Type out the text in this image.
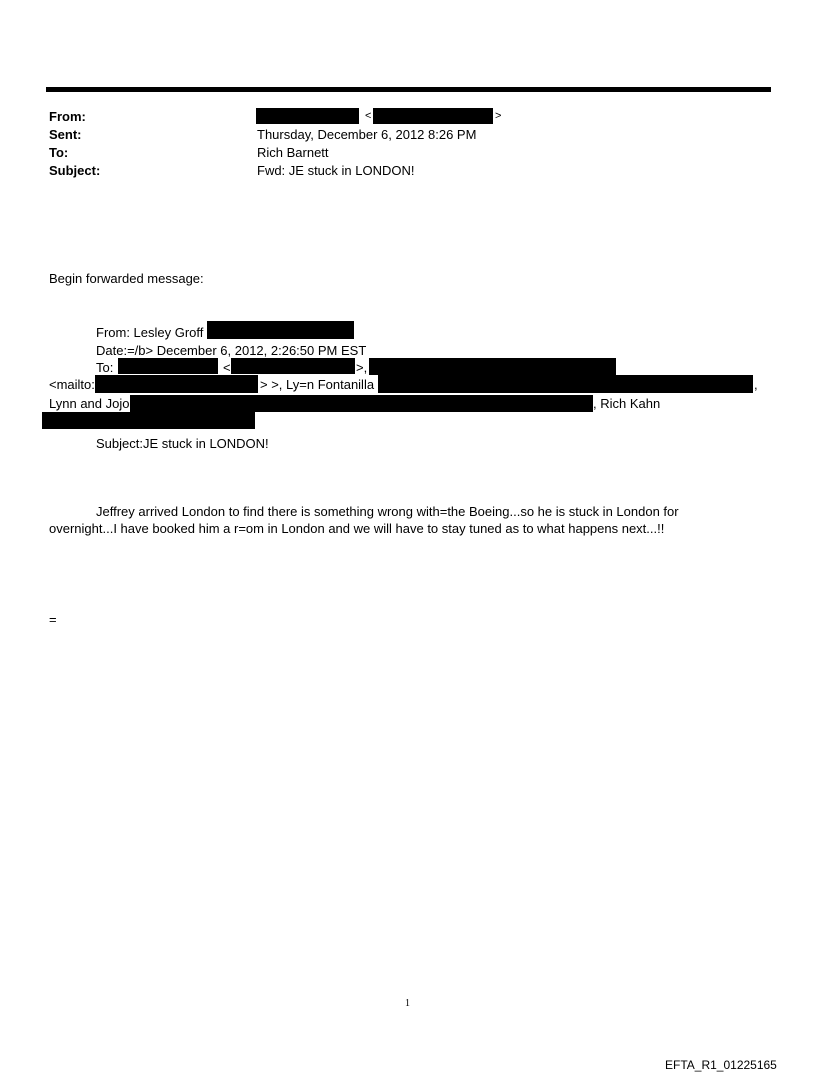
From:	<	>
Sent:	Thursday, December 6, 2012 8:26 PM
To:	Rich Barnett
Subject:	Fwd: JE stuck in LONDON!
Begin forwarded message:
From: Lesley Groff
Date:=/b> December 6, 2012, 2:26:50 PM EST
To:	<	>,
<mailto:	> >, Ly=n Fontanilla	,
Lynn and Jojo	, Rich Kahn
Subject:JE stuck in LONDON!
Jeffrey arrived London to find there is something wrong with=the Boeing...so he is stuck in London for
overnight...I have booked him a r=om in London and we will have to stay tuned as to what happens next...!!
=
1
EFTA_R1_01225165
